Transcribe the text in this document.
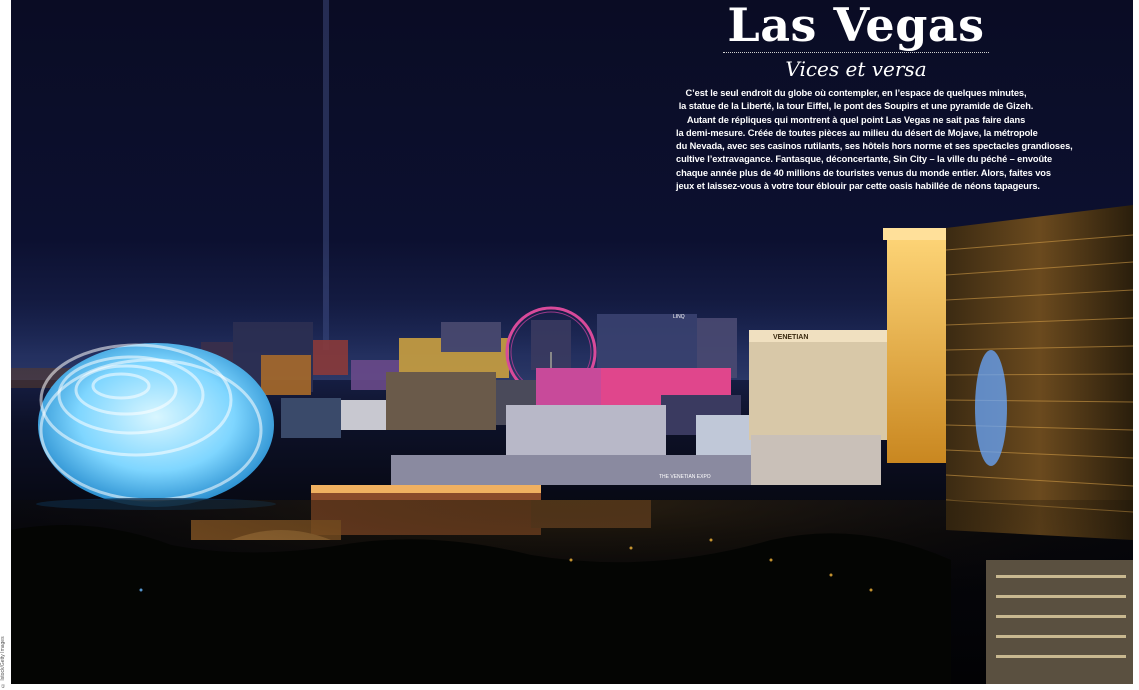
VENETIAN
THE VENETIAN EXPO
LINQ
Las Vegas
Vices et versa
C’est le seul endroit du globe où contempler, en l’espace de quelques minutes,
la statue de la Liberté, la tour Eiffel, le pont des Soupirs et une pyramide de Gizeh.
Autant de répliques qui montrent à quel point Las Vegas ne sait pas faire dans
la demi-mesure. Créée de toutes pièces au milieu du désert de Mojave, la métropole
du Nevada, avec ses casinos rutilants, ses hôtels hors norme et ses spectacles grandioses,
cultive l’extravagance. Fantasque, déconcertante, Sin City – la ville du péché – envoûte
chaque année plus de 40 millions de touristes venus du monde entier. Alors, faites vos
jeux et laissez-vous à votre tour éblouir par cette oasis habillée de néons tapageurs.
© Istock/Getty Images
